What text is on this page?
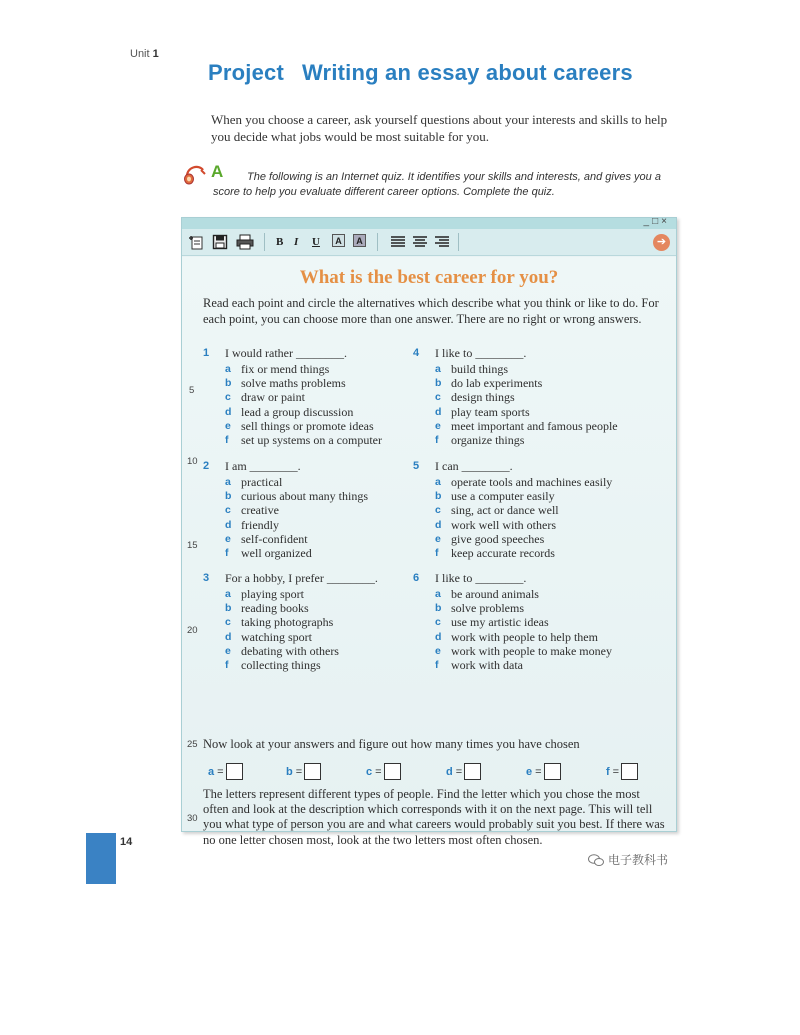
Unit 1
Project Writing an essay about careers
When you choose a career, ask yourself questions about your interests and skills to help you decide what jobs would be most suitable for you.
A	The following is an Internet quiz. It identifies your skills and interests, and gives you a score to help you evaluate different career options. Complete the quiz.
_□×
B I U	A	A	➔
What is the best career for you?
Read each point and circle the alternatives which describe what you think or like to do. For each point, you can choose more than one answer. There are no right or wrong answers.
1 I would rather ________.
a fix or mend things
b solve maths problems
c draw or paint
d lead a group discussion
e sell things or promote ideas
f set up systems on a computer
2 I am ________.
a practical
b curious about many things
c creative
d friendly
e self-confident
f well organized
3 For a hobby, I prefer ________.
a playing sport
b reading books
c taking photographs
d watching sport
e debating with others
f collecting things
4 I like to ________.
a build things
b do lab experiments
c design things
d play team sports
e meet important and famous people
f organize things
5 I can ________.
a operate tools and machines easily
b use a computer easily
c sing, act or dance well
d work well with others
e give good speeches
f keep accurate records
6 I like to ________.
a be around animals
b solve problems
c use my artistic ideas
d work with people to help them
e work with people to make money
f work with data
5
10
15
20
25
30
Now look at your answers and figure out how many times you have chosen
a =	b =	c =	d =	e =	f =
The letters represent different types of people. Find the letter which you chose the most often and look at the description which corresponds with it on the next page. This will tell you what type of person you are and what careers would probably suit you best. If there was no one letter chosen most, look at the two letters most often chosen.
14
电子教科书
